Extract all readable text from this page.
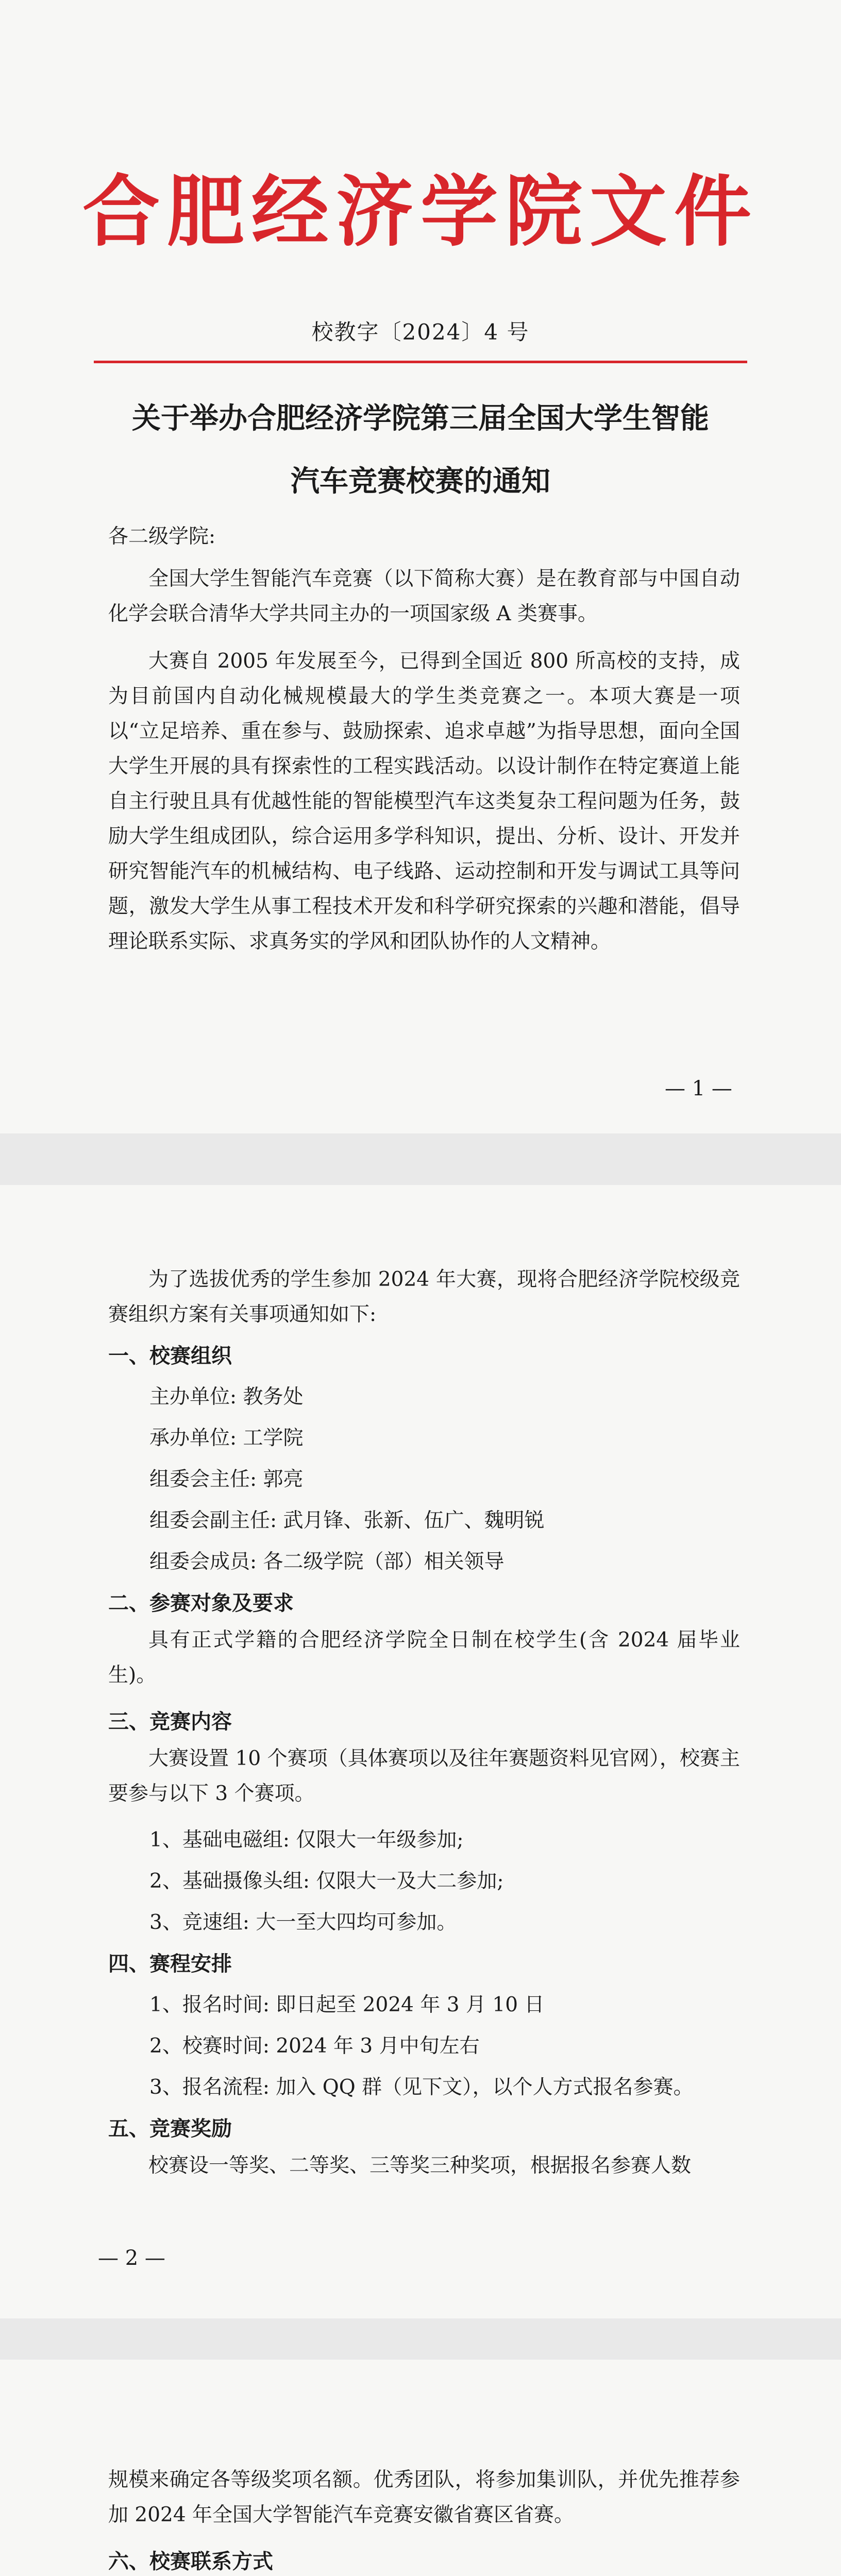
合肥经济学院文件
校教字〔2024〕4 号
关于举办合肥经济学院第三届全国大学生智能
汽车竞赛校赛的通知
各二级学院:
全国大学生智能汽车竞赛（以下简称大赛）是在教育部与中国自动化学会联合清华大学共同主办的一项国家级 A 类赛事。
大赛自 2005 年发展至今，已得到全国近 800 所高校的支持，成为目前国内自动化械规模最大的学生类竞赛之一。本项大赛是一项以“立足培养、重在参与、鼓励探索、追求卓越”为指导思想，面向全国大学生开展的具有探索性的工程实践活动。以设计制作在特定赛道上能自主行驶且具有优越性能的智能模型汽车这类复杂工程问题为任务，鼓励大学生组成团队，综合运用多学科知识，提出、分析、设计、开发并研究智能汽车的机械结构、电子线路、运动控制和开发与调试工具等问题，激发大学生从事工程技术开发和科学研究探索的兴趣和潜能，倡导理论联系实际、求真务实的学风和团队协作的人文精神。
— 1 —
为了选拔优秀的学生参加 2024 年大赛，现将合肥经济学院校级竞赛组织方案有关事项通知如下:
一、校赛组织
主办单位: 教务处
承办单位: 工学院
组委会主任: 郭亮
组委会副主任: 武月锋、张新、伍广、魏明锐
组委会成员: 各二级学院（部）相关领导
二、参赛对象及要求
具有正式学籍的合肥经济学院全日制在校学生(含 2024 届毕业生)。
三、竞赛内容
大赛设置 10 个赛项（具体赛项以及往年赛题资料见官网），校赛主要参与以下 3 个赛项。
1、基础电磁组: 仅限大一年级参加;
2、基础摄像头组: 仅限大一及大二参加;
3、竞速组: 大一至大四均可参加。
四、赛程安排
1、报名时间: 即日起至 2024 年 3 月 10 日
2、校赛时间: 2024 年 3 月中旬左右
3、报名流程: 加入 QQ 群（见下文），以个人方式报名参赛。
五、竞赛奖励
校赛设一等奖、二等奖、三等奖三种奖项，根据报名参赛人数
— 2 —
规模来确定各等级奖项名额。优秀团队，将参加集训队，并优先推荐参加 2024 年全国大学智能汽车竞赛安徽省赛区省赛。
六、校赛联系方式
